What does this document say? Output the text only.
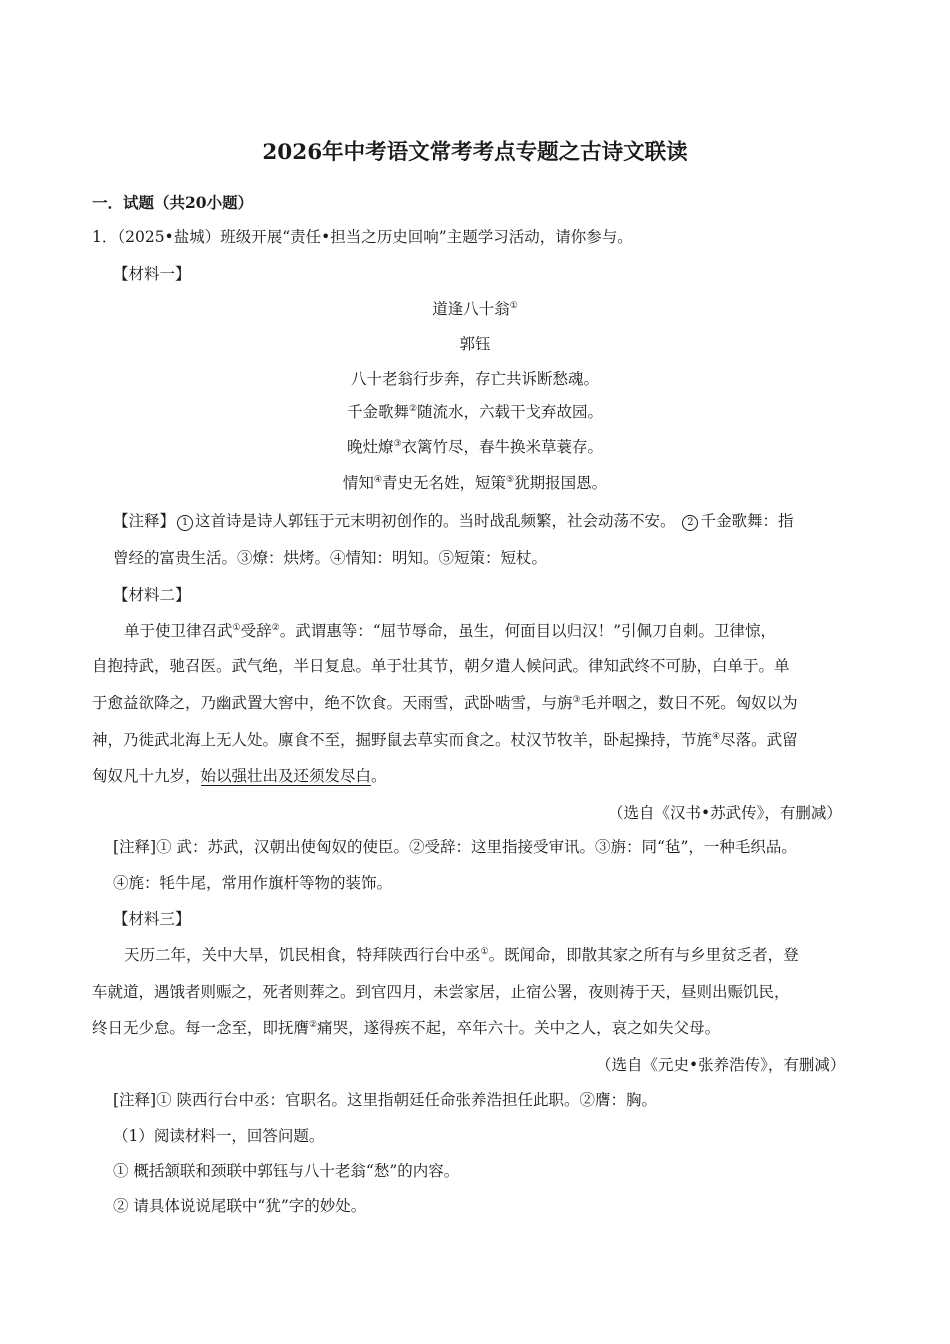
2026年中考语文常考考点专题之古诗文联读
一．试题（共20小题）
1．（2025•盐城）班级开展“责任•担当之历史回响”主题学习活动，请你参与。
【材料一】
道逢八十翁①
郭钰
八十老翁行步奔，存亡共诉断愁魂。
千金歌舞②随流水，六载干戈弃故园。
晚灶燎③衣篱竹尽，春牛换米草蓑存。
情知④青史无名姓，短策⑤犹期报国恩。
【注释】 1 这首诗是诗人郭钰于元末明初创作的。当时战乱频繁，社会动荡不安。 2 千金歌舞：指
曾经的富贵生活。③燎：烘烤。④情知：明知。⑤短策：短杖。
【材料二】
单于使卫律召武①受辞②。武谓惠等：“屈节辱命，虽生，何面目以归汉！”引佩刀自刺。卫律惊，
自抱持武，驰召医。武气绝，半日复息。单于壮其节，朝夕遣人候问武。律知武终不可胁，白单于。单
于愈益欲降之，乃幽武置大窖中，绝不饮食。天雨雪，武卧啮雪，与旃③毛并咽之，数日不死。匈奴以为
神，乃徙武北海上无人处。廪食不至，掘野鼠去草实而食之。杖汉节牧羊，卧起操持，节旄④尽落。武留
匈奴凡十九岁，始以强壮出及还须发尽白。
（选自《汉书•苏武传》，有删减）
[注释]① 武：苏武，汉朝出使匈奴的使臣。②受辞：这里指接受审讯。③旃：同“毡”，一种毛织品。
④旄：牦牛尾，常用作旗杆等物的装饰。
【材料三】
天历二年，关中大旱，饥民相食，特拜陕西行台中丞①。既闻命，即散其家之所有与乡里贫乏者，登
车就道，遇饿者则赈之，死者则葬之。到官四月，未尝家居，止宿公署，夜则祷于天，昼则出赈饥民，
终日无少怠。每一念至，即抚膺②痛哭，遂得疾不起，卒年六十。关中之人，哀之如失父母。
（选自《元史•张养浩传》，有删减）
[注释]① 陕西行台中丞：官职名。这里指朝廷任命张养浩担任此职。②膺：胸。
（1）阅读材料一，回答问题。
① 概括颔联和颈联中郭钰与八十老翁“愁”的内容。
② 请具体说说尾联中“犹”字的妙处。
